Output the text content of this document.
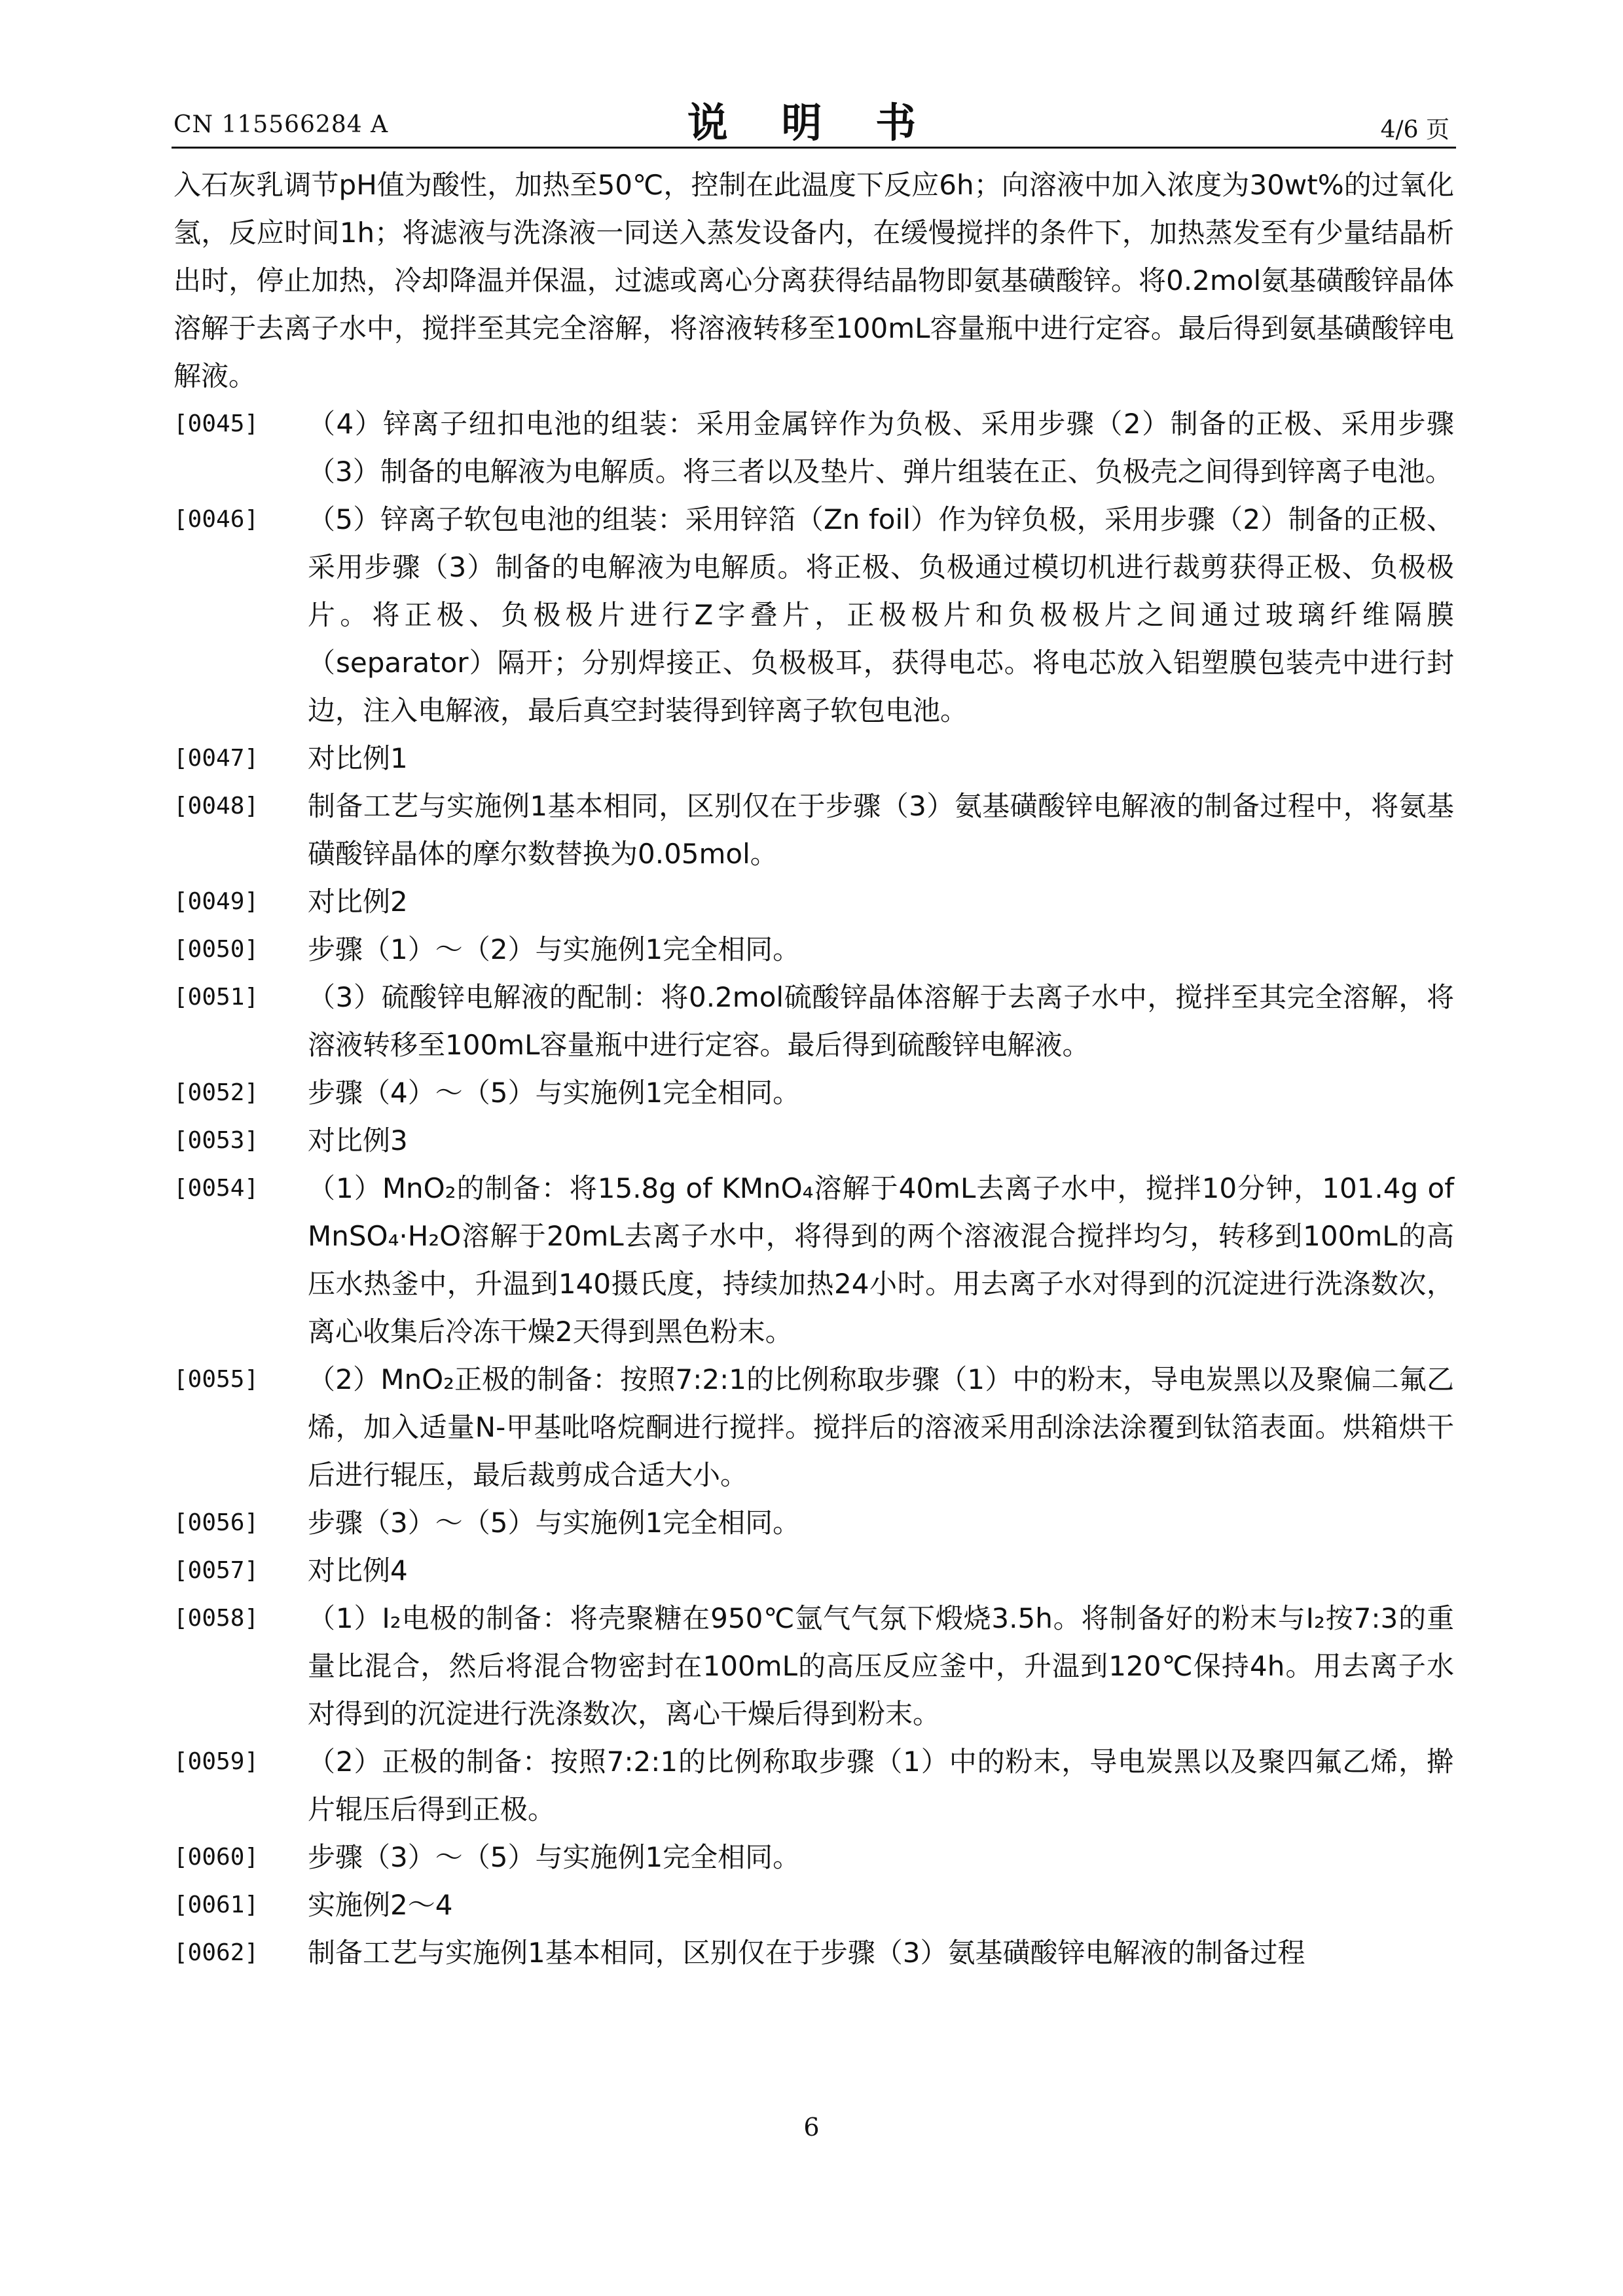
CN 115566284 A	说 明 书	4/6 页
入石灰乳调节pH值为酸性，加热至50℃，控制在此温度下反应6h；向溶液中加入浓度为30wt%的过氧化氢，反应时间1h；将滤液与洗涤液一同送入蒸发设备内，在缓慢搅拌的条件下，加热蒸发至有少量结晶析出时，停止加热，冷却降温并保温，过滤或离心分离获得结晶物即氨基磺酸锌。将0.2mol氨基磺酸锌晶体溶解于去离子水中，搅拌至其完全溶解，将溶液转移至100mL容量瓶中进行定容。最后得到氨基磺酸锌电解液。
[0045]	（4）锌离子纽扣电池的组装：采用金属锌作为负极、采用步骤（2）制备的正极、采用步骤（3）制备的电解液为电解质。将三者以及垫片、弹片组装在正、负极壳之间得到锌离子电池。
[0046]	（5）锌离子软包电池的组装：采用锌箔（Zn foil）作为锌负极，采用步骤（2）制备的正极、采用步骤（3）制备的电解液为电解质。将正极、负极通过模切机进行裁剪获得正极、负极极片。将正极、负极极片进行Z字叠片，正极极片和负极极片之间通过玻璃纤维隔膜（separator）隔开；分别焊接正、负极极耳，获得电芯。将电芯放入铝塑膜包装壳中进行封边，注入电解液，最后真空封装得到锌离子软包电池。
[0047]	对比例1
[0048]	制备工艺与实施例1基本相同，区别仅在于步骤（3）氨基磺酸锌电解液的制备过程中，将氨基磺酸锌晶体的摩尔数替换为0.05mol。
[0049]	对比例2
[0050]	步骤（1）～（2）与实施例1完全相同。
[0051]	（3）硫酸锌电解液的配制：将0.2mol硫酸锌晶体溶解于去离子水中，搅拌至其完全溶解，将溶液转移至100mL容量瓶中进行定容。最后得到硫酸锌电解液。
[0052]	步骤（4）～（5）与实施例1完全相同。
[0053]	对比例3
[0054]	（1）MnO₂的制备：将15.8g of KMnO₄溶解于40mL去离子水中，搅拌10分钟，101.4g of MnSO₄·H₂O溶解于20mL去离子水中，将得到的两个溶液混合搅拌均匀，转移到100mL的高压水热釜中，升温到140摄氏度，持续加热24小时。用去离子水对得到的沉淀进行洗涤数次，离心收集后冷冻干燥2天得到黑色粉末。
[0055]	（2）MnO₂正极的制备：按照7:2:1的比例称取步骤（1）中的粉末，导电炭黑以及聚偏二氟乙烯，加入适量N-甲基吡咯烷酮进行搅拌。搅拌后的溶液采用刮涂法涂覆到钛箔表面。烘箱烘干后进行辊压，最后裁剪成合适大小。
[0056]	步骤（3）～（5）与实施例1完全相同。
[0057]	对比例4
[0058]	（1）I₂电极的制备：将壳聚糖在950℃氩气气氛下煅烧3.5h。将制备好的粉末与I₂按7:3的重量比混合，然后将混合物密封在100mL的高压反应釜中，升温到120℃保持4h。用去离子水对得到的沉淀进行洗涤数次，离心干燥后得到粉末。
[0059]	（2）正极的制备：按照7:2:1的比例称取步骤（1）中的粉末，导电炭黑以及聚四氟乙烯，擀片辊压后得到正极。
[0060]	步骤（3）～（5）与实施例1完全相同。
[0061]	实施例2～4
[0062]	制备工艺与实施例1基本相同，区别仅在于步骤（3）氨基磺酸锌电解液的制备过程
6
